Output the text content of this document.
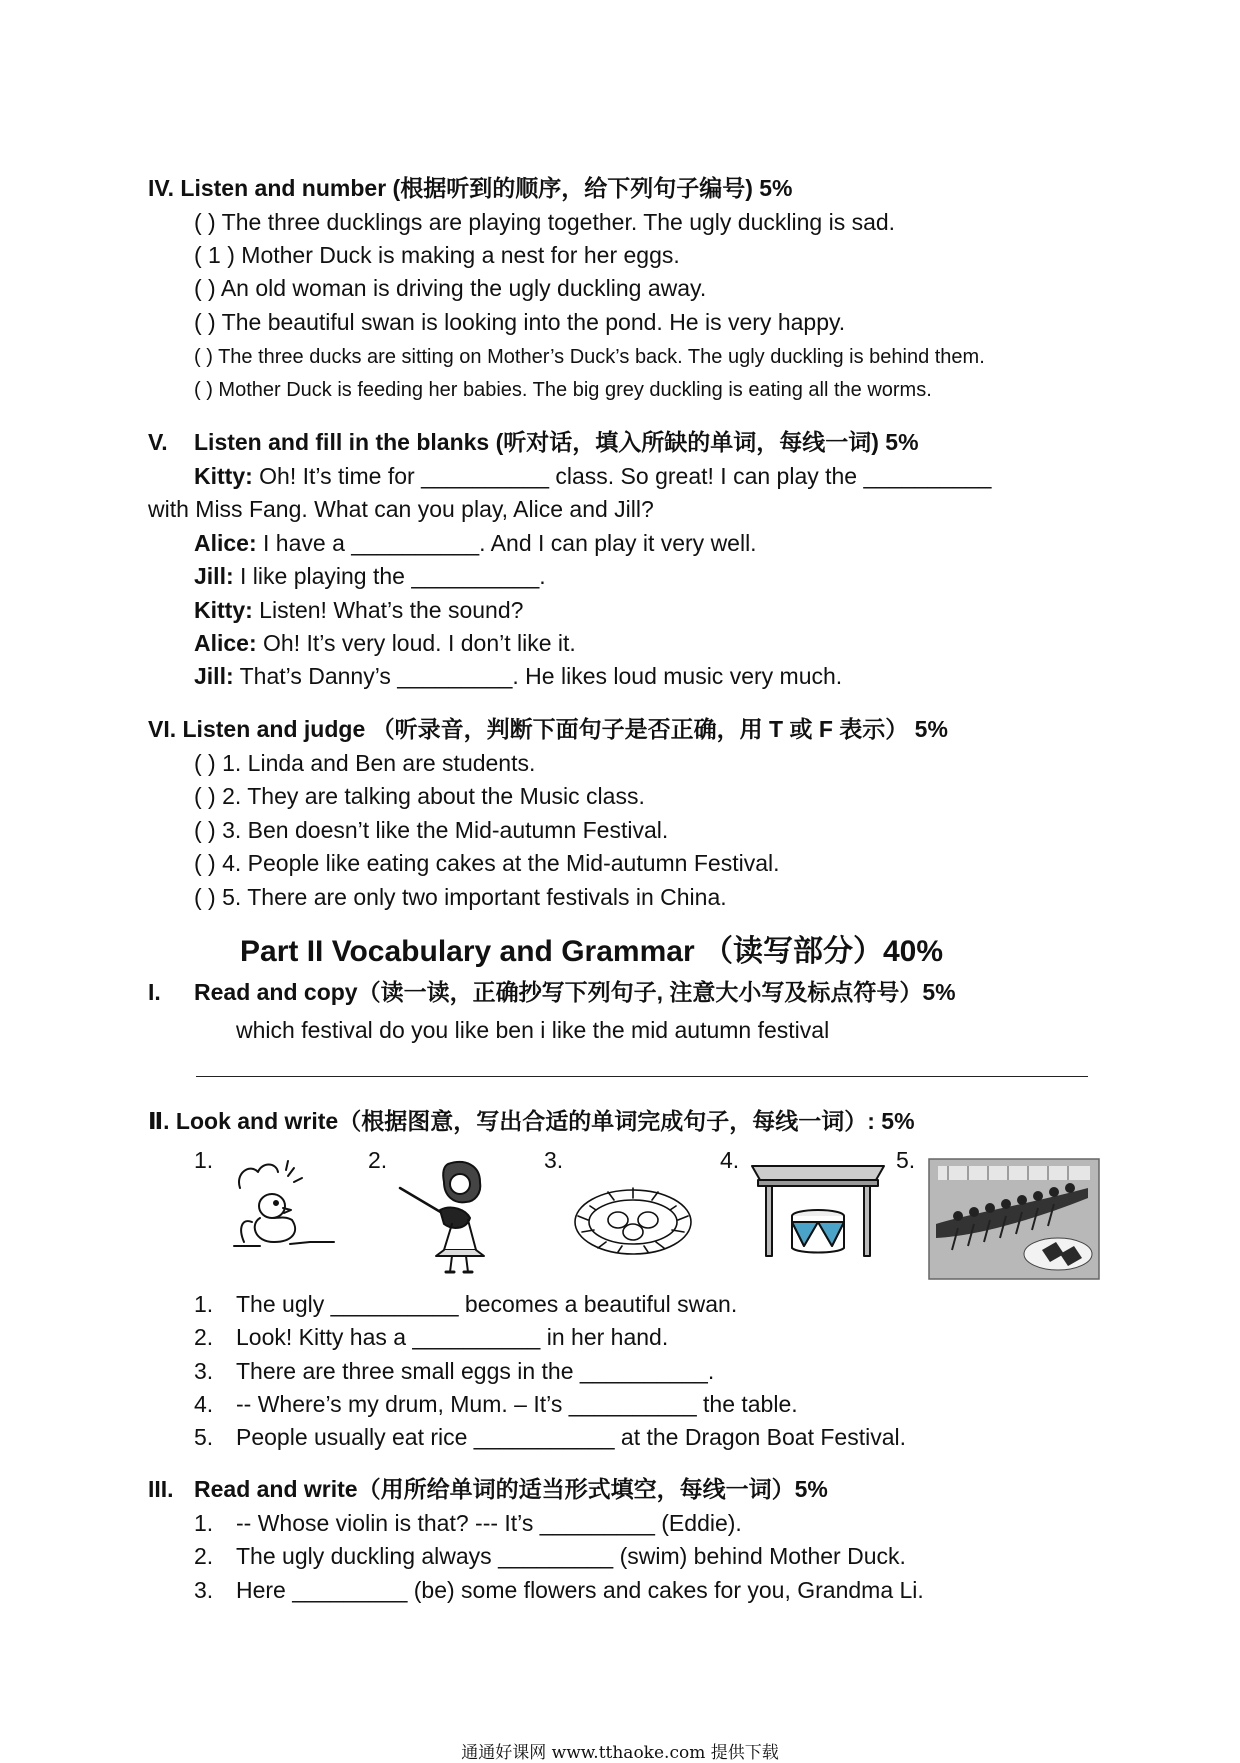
IV. Listen and number (根据听到的顺序，给下列句子编号) 5%
( ) The three ducklings are playing together. The ugly duckling is sad.
( 1 ) Mother Duck is making a nest for her eggs.
( ) An old woman is driving the ugly duckling away.
( ) The beautiful swan is looking into the pond. He is very happy.
( ) The three ducks are sitting on Mother’s Duck’s back. The ugly duckling is behind them.
( ) Mother Duck is feeding her babies. The big grey duckling is eating all the worms.
V. Listen and fill in the blanks (听对话，填入所缺的单词，每线一词) 5%
Kitty: Oh! It’s time for __________ class. So great! I can play the __________
with Miss Fang. What can you play, Alice and Jill?
Alice: I have a __________. And I can play it very well.
Jill: I like playing the __________.
Kitty: Listen! What’s the sound?
Alice: Oh! It’s very loud. I don’t like it.
Jill: That’s Danny’s _________. He likes loud music very much.
VI. Listen and judge （听录音，判断下面句子是否正确，用 T 或 F 表示） 5%
( ) 1. Linda and Ben are students.
( ) 2. They are talking about the Music class.
( ) 3. Ben doesn’t like the Mid-autumn Festival.
( ) 4. People like eating cakes at the Mid-autumn Festival.
( ) 5. There are only two important festivals in China.
Part II Vocabulary and Grammar （读写部分）40%
I. Read and copy（读一读，正确抄写下列句子, 注意大小写及标点符号）5%
which festival do you like ben i like the mid autumn festival
Ⅱ. Look and write（根据图意，写出合适的单词完成句子，每线一词）: 5%
1.	2.	3.	4.	5.
1. The ugly __________ becomes a beautiful swan.
2. Look! Kitty has a __________ in her hand.
3. There are three small eggs in the __________.
4. -- Where’s my drum, Mum. – It’s __________ the table.
5. People usually eat rice ___________ at the Dragon Boat Festival.
III. Read and write（用所给单词的适当形式填空，每线一词）5%
1. -- Whose violin is that? --- It’s _________ (Eddie).
2. The ugly duckling always _________ (swim) behind Mother Duck.
3. Here _________ (be) some flowers and cakes for you, Grandma Li.
通通好课网 www.tthaoke.com 提供下载
